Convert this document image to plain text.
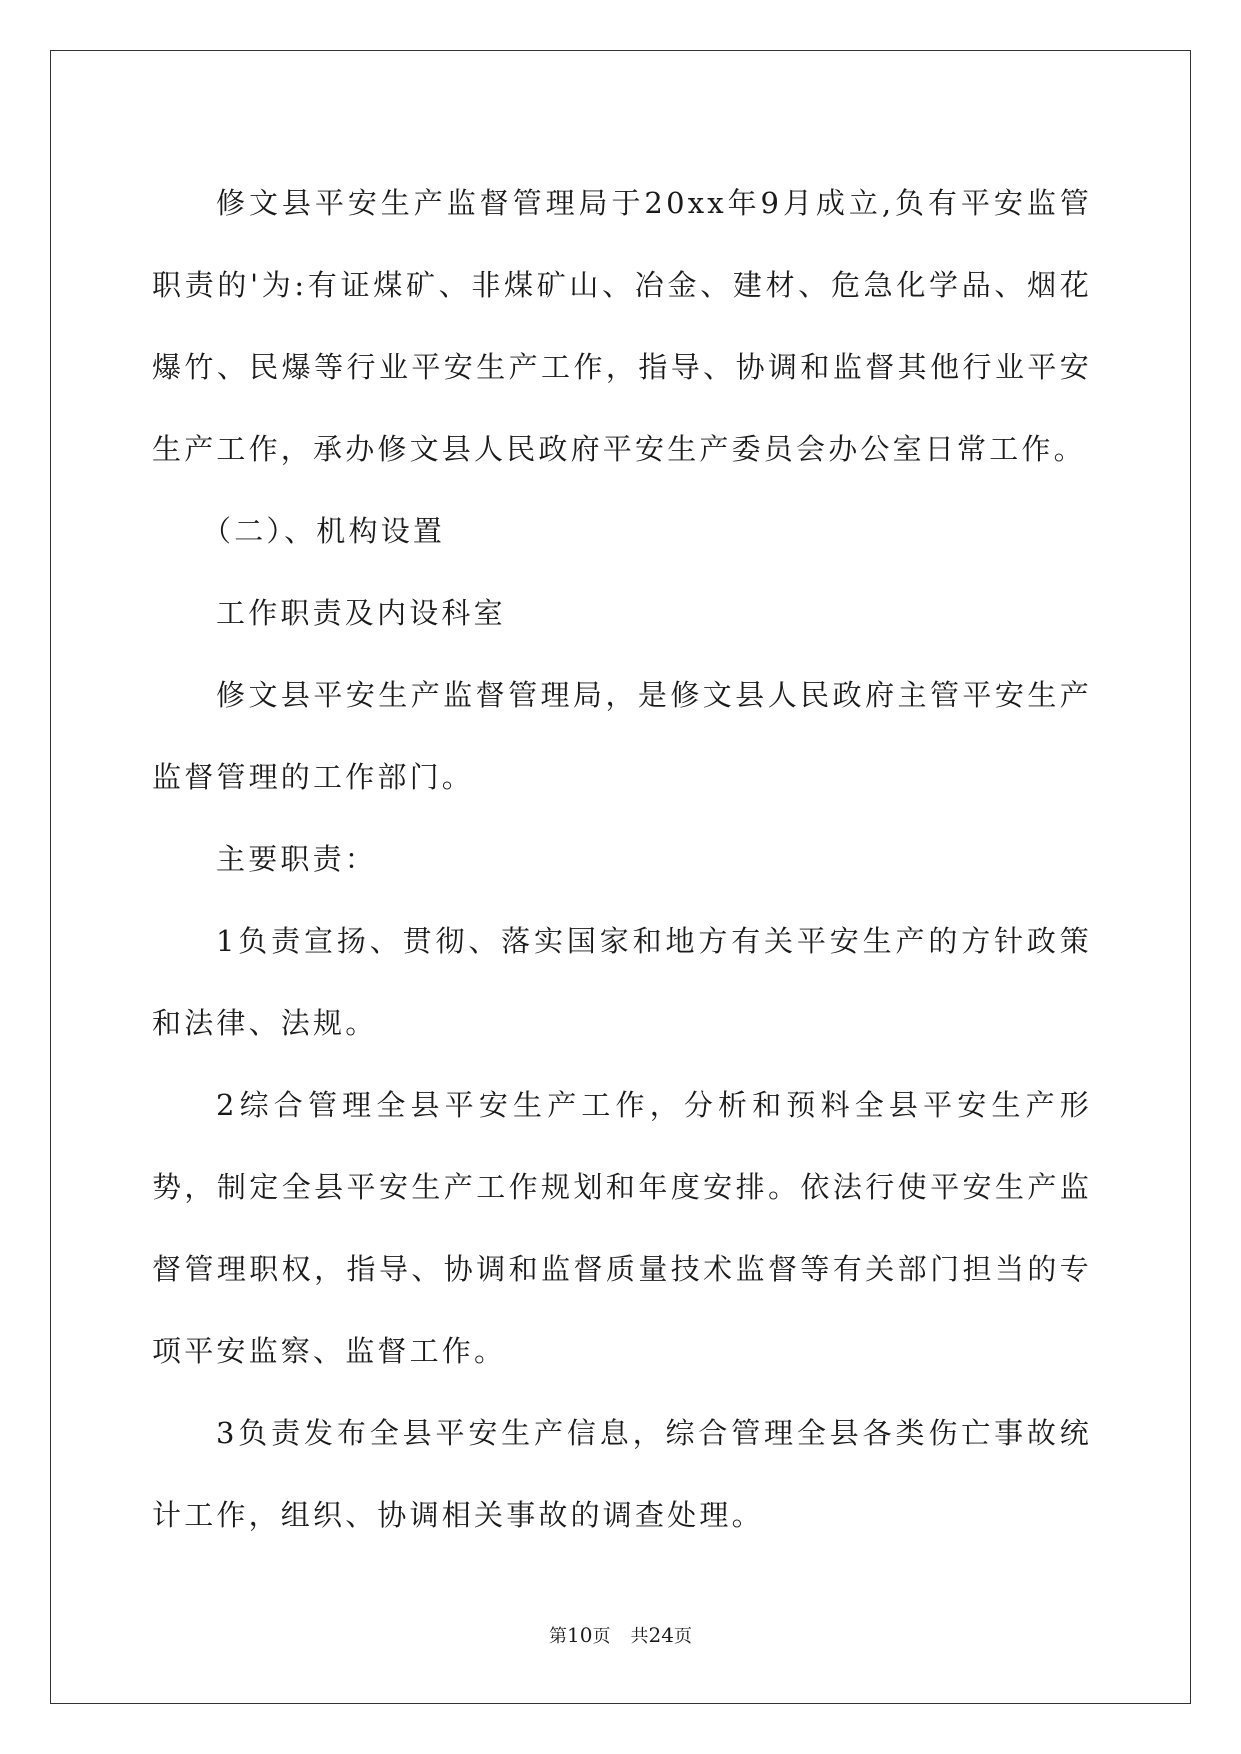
修文县平安生产监督管理局于20xx年9月成立,负有平安监管职责的'为:有证煤矿、非煤矿山、冶金、建材、危急化学品、烟花爆竹、民爆等行业平安生产工作，指导、协调和监督其他行业平安生产工作，承办修文县人民政府平安生产委员会办公室日常工作。

（二）、机构设置

工作职责及内设科室

修文县平安生产监督管理局，是修文县人民政府主管平安生产监督管理的工作部门。

主要职责：

1负责宣扬、贯彻、落实国家和地方有关平安生产的方针政策和法律、法规。

2综合管理全县平安生产工作，分析和预料全县平安生产形势，制定全县平安生产工作规划和年度安排。依法行使平安生产监督管理职权，指导、协调和监督质量技术监督等有关部门担当的专项平安监察、监督工作。

3负责发布全县平安生产信息，综合管理全县各类伤亡事故统计工作，组织、协调相关事故的调查处理。

第10页 共24页
